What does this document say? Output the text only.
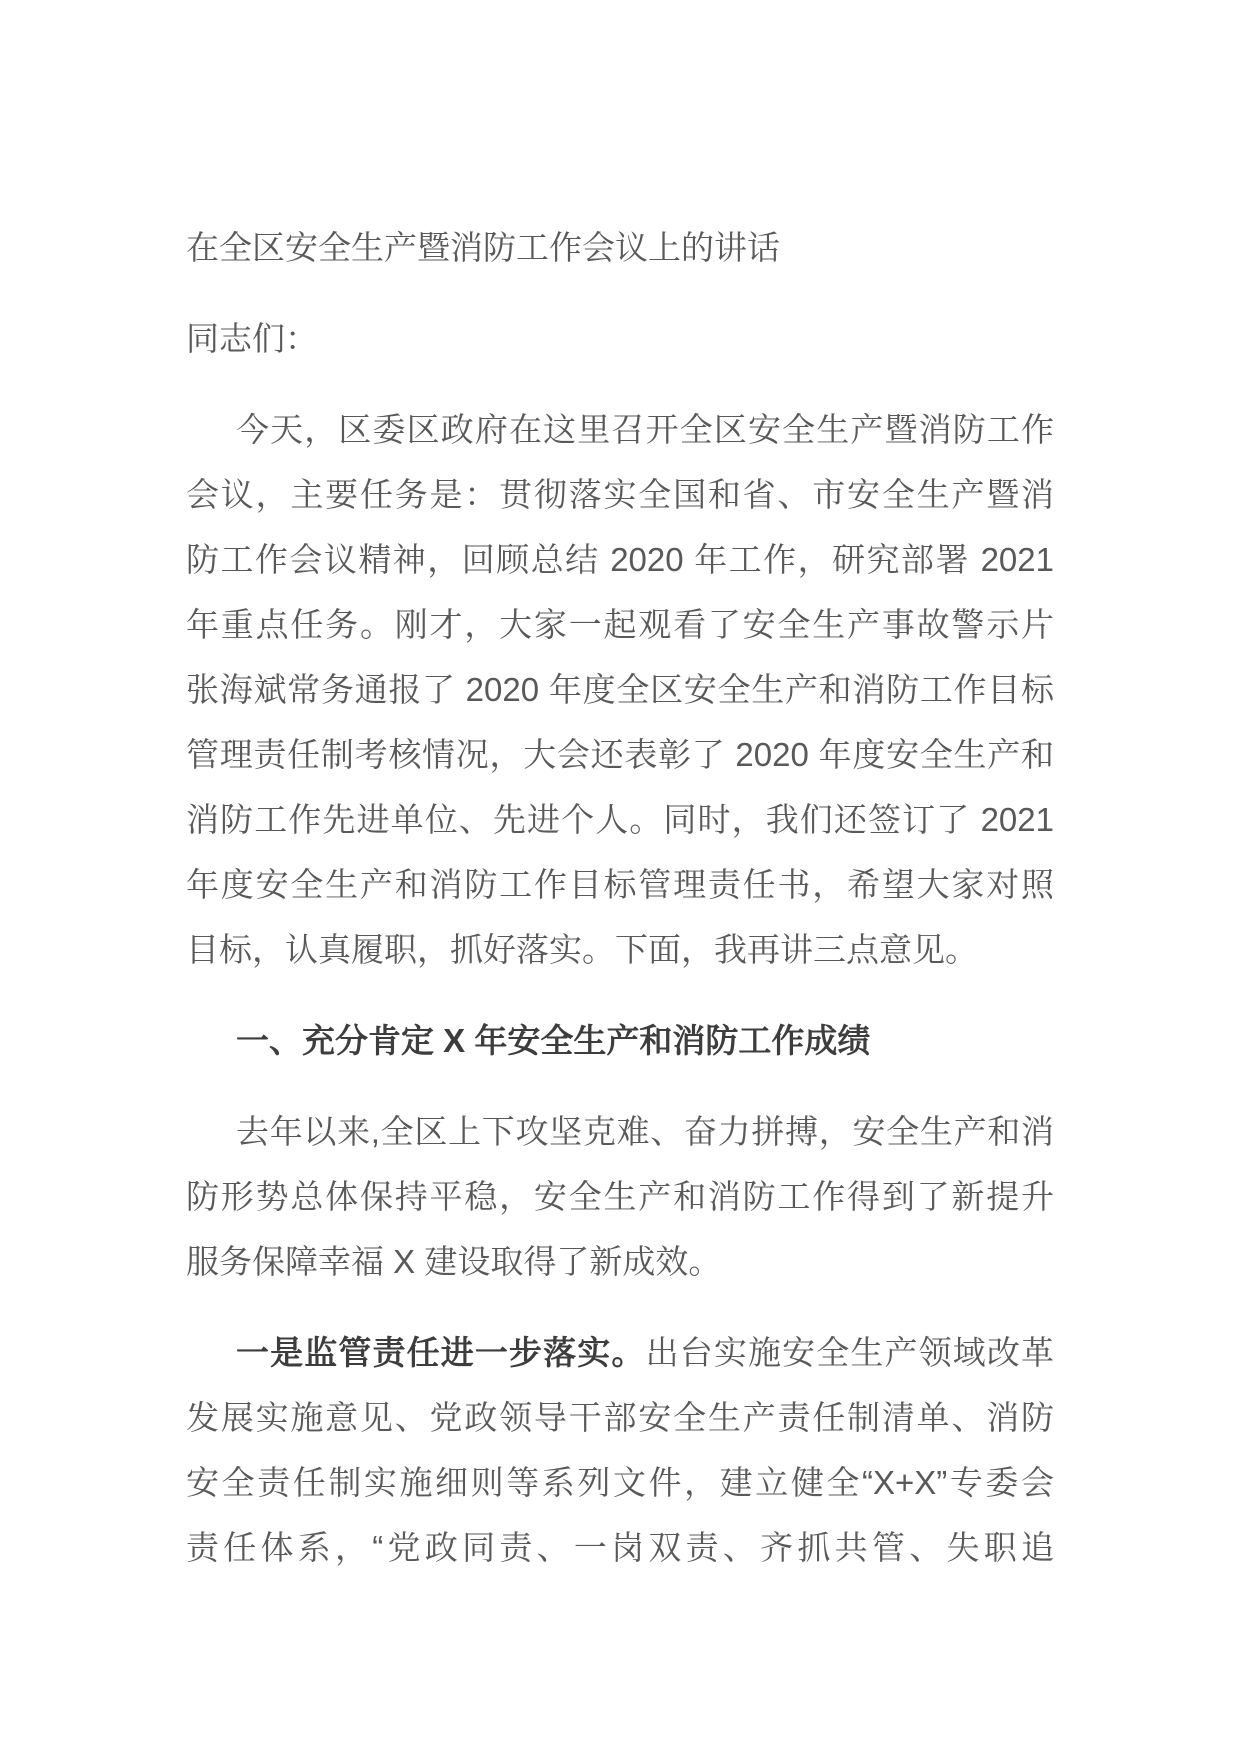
在全区安全生产暨消防工作会议上的讲话
同志们：
今天，区委区政府在这里召开全区安全生产暨消防工作
会议，主要任务是：贯彻落实全国和省、市安全生产暨消
防工作会议精神，回顾总结 2020 年工作，研究部署 2021
年重点任务。刚才，大家一起观看了安全生产事故警示片
张海斌常务通报了 2020 年度全区安全生产和消防工作目标
管理责任制考核情况，大会还表彰了 2020 年度安全生产和
消防工作先进单位、先进个人。同时，我们还签订了 2021
年度安全生产和消防工作目标管理责任书，希望大家对照
目标，认真履职，抓好落实。下面，我再讲三点意见。
一、充分肯定 X 年安全生产和消防工作成绩
去年以来,全区上下攻坚克难、奋力拼搏，安全生产和消
防形势总体保持平稳，安全生产和消防工作得到了新提升
服务保障幸福 X 建设取得了新成效。
一是监管责任进一步落实。出台实施安全生产领域改革
发展实施意见、党政领导干部安全生产责任制清单、消防
安全责任制实施细则等系列文件，建立健全“X+X”专委会
责任体系，“党政同责、一岗双责、齐抓共管、失职追
